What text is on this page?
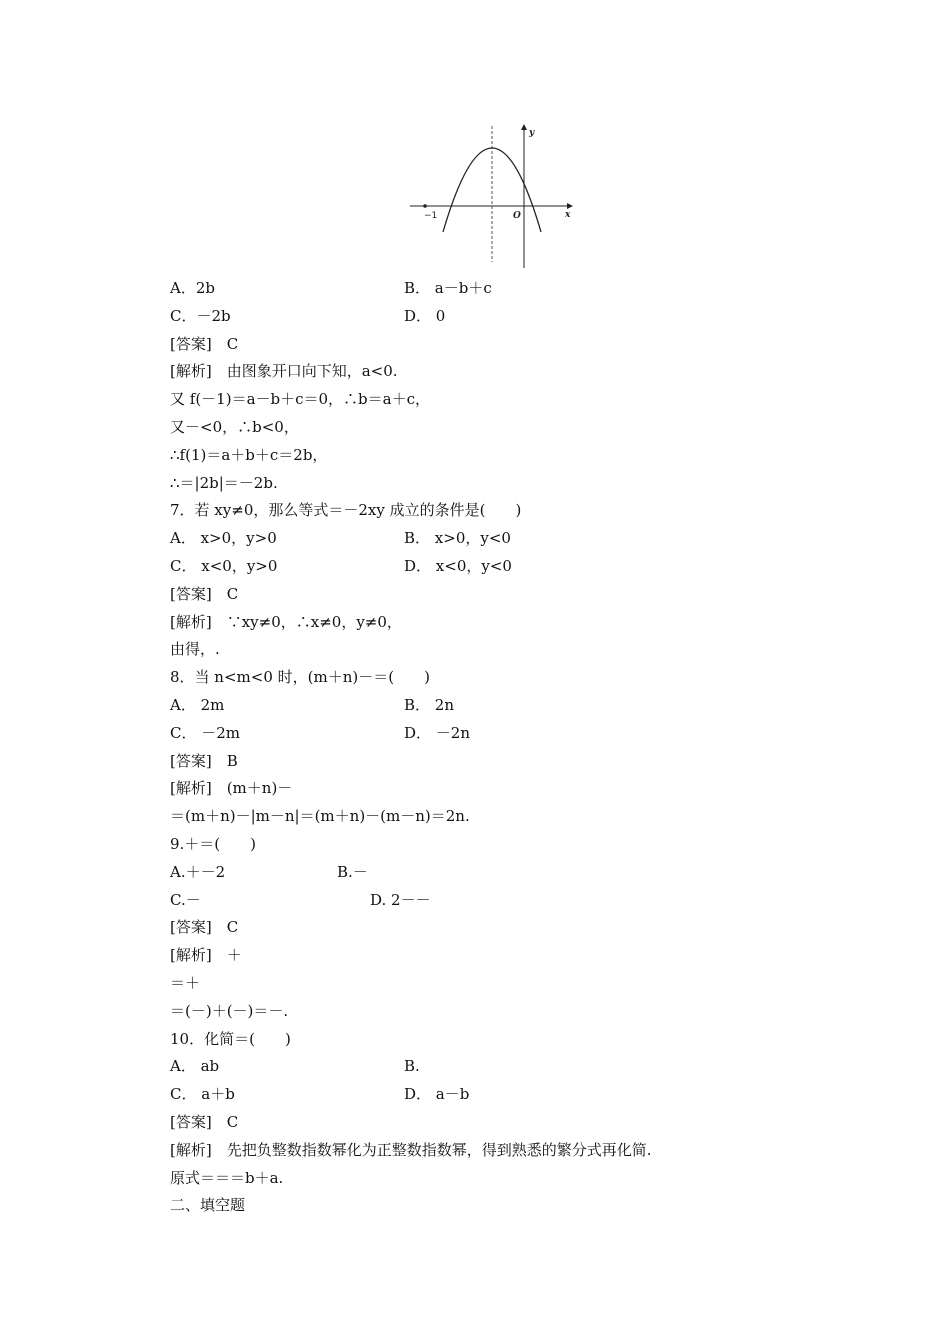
−1	O	x
y
A．2b	B． a－b＋c
C．－2b	D． 0
[答案]　C
[解析]　由图象开口向下知，a<0.
又 f(－1)＝a－b＋c＝0，∴b＝a＋c，
又－<0，∴b<0，
∴f(1)＝a＋b＋c＝2b，
∴＝|2b|＝－2b.
7．若 xy≠0，那么等式＝－2xy 成立的条件是(　　)
A． x>0，y>0	B． x>0，y<0
C． x<0，y>0	D． x<0，y<0
[答案]　C
[解析]　∵xy≠0，∴x≠0，y≠0，
由得，.
8．当 n<m<0 时，(m＋n)－＝(　　)
A． 2m	B． 2n
C． －2m	D． －2n
[答案]　B
[解析]　(m＋n)－
＝(m＋n)－|m－n|＝(m＋n)－(m－n)＝2n.
9.＋＝(　　)
A.＋－2	B.－
C.－	D. 2－－
[答案]　C
[解析]　＋
＝＋
＝(－)＋(－)＝－.
10．化简＝(　　)
A． ab	B.
C． a＋b	D． a－b
[答案]　C
[解析]　先把负整数指数幂化为正整数指数幂，得到熟悉的繁分式再化简.
原式＝＝＝b＋a.
二、填空题
